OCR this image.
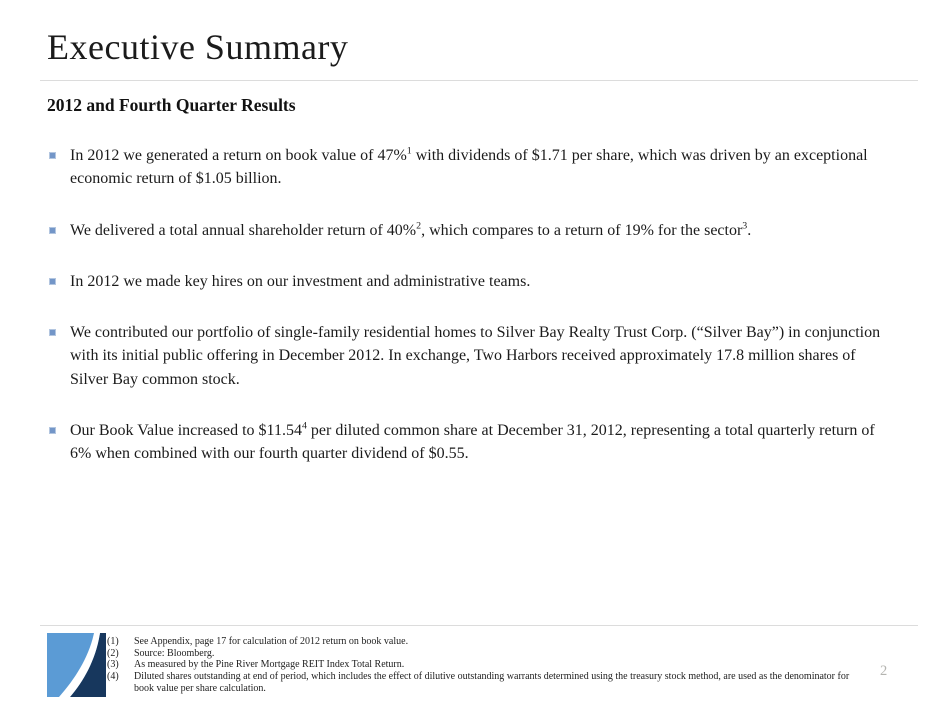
Executive Summary
2012 and Fourth Quarter Results
In 2012 we generated a return on book value of 47%$^1$ with dividends of $1.71 per share, which was driven by an exceptional economic return of $1.05 billion.
We delivered a total annual shareholder return of 40%$^2$, which compares to a return of 19% for the sector$^3$.
In 2012 we made key hires on our investment and administrative teams.
We contributed our portfolio of single-family residential homes to Silver Bay Realty Trust Corp. (“Silver Bay”) in conjunction with its initial public offering in December 2012. In exchange, Two Harbors received approximately 17.8 million shares of Silver Bay common stock.
Our Book Value increased to $11.54$^4$ per diluted common share at December 31, 2012, representing a total quarterly return of 6% when combined with our fourth quarter dividend of $0.55.
(1)	See Appendix, page 17 for calculation of 2012 return on book value.
(2)	Source: Bloomberg.
(3)	As measured by the Pine River Mortgage REIT Index Total Return.
(4)	Diluted shares outstanding at end of period, which includes the effect of dilutive outstanding warrants determined using the treasury stock method, are used as the denominator for book value per share calculation.
2
